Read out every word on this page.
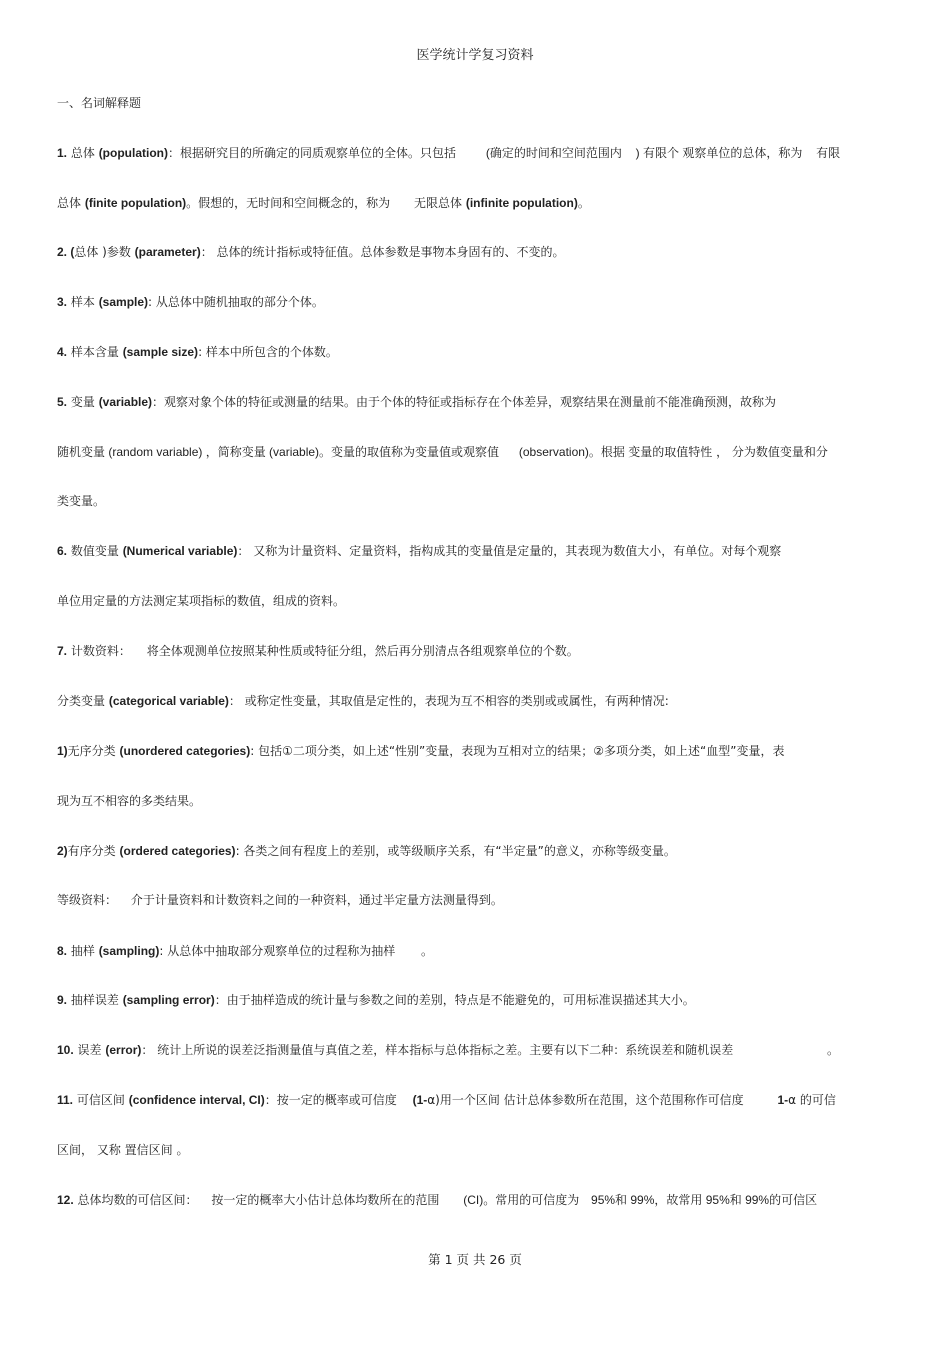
医学统计学复习资料
一、名词解释题
1. 总体 (population)：根据研究目的所确定的同质观察单位的全体。只包括 (确定的时间和空间范围内 ) 有限个 观察单位的总体，称为 有限
总体 (finite population)。假想的，无时间和空间概念的，称为 无限总体 (infinite population)。
2. (总体 )参数 (parameter)： 总体的统计指标或特征值。总体参数是事物本身固有的、不变的。
3. 样本 (sample): 从总体中随机抽取的部分个体。
4. 样本含量 (sample size): 样本中所包含的个体数。
5. 变量 (variable)：观察对象个体的特征或测量的结果。由于个体的特征或指标存在个体差异，观察结果在测量前不能准确预测，故称为
随机变量 (random variable) ，简称变量 (variable)。变量的取值称为变量值或观察值 (observation)。根据 变量的取值特性 ， 分为数值变量和分
类变量。
6. 数值变量 (Numerical variable)： 又称为计量资料、定量资料，指构成其的变量值是定量的，其表现为数值大小，有单位。对每个观察
单位用定量的方法测定某项指标的数值，组成的资料。
7. 计数资料： 将全体观测单位按照某种性质或特征分组，然后再分别清点各组观察单位的个数。
分类变量 (categorical variable)： 或称定性变量，其取值是定性的，表现为互不相容的类别或或属性，有两种情况:
1)无序分类 (unordered categories): 包括①二项分类，如上述“性别”变量，表现为互相对立的结果；②多项分类，如上述“血型”变量，表
现为互不相容的多类结果。
2)有序分类 (ordered categories): 各类之间有程度上的差别，或等级顺序关系，有“半定量”的意义，亦称等级变量。
等级资料： 介于计量资料和计数资料之间的一种资料，通过半定量方法测量得到。
8. 抽样 (sampling): 从总体中抽取部分观察单位的过程称为抽样 。
9. 抽样误差 (sampling error)：由于抽样造成的统计量与参数之间的差别，特点是不能避免的，可用标准误描述其大小。
10. 误差 (error)： 统计上所说的误差泛指测量值与真值之差，样本指标与总体指标之差。主要有以下二种：系统误差和随机误差	。
11. 可信区间 (confidence interval, CI)：按一定的概率或可信度 (1-α)用一个区间 估计总体参数所在范围，这个范围称作可信度	1-α 的可信
区间， 又称 置信区间 。
12. 总体均数的可信区间： 按一定的概率大小估计总体均数所在的范围 (CI)。常用的可信度为 95%和 99%，故常用 95%和 99%的可信区
第 1 页 共 26 页
